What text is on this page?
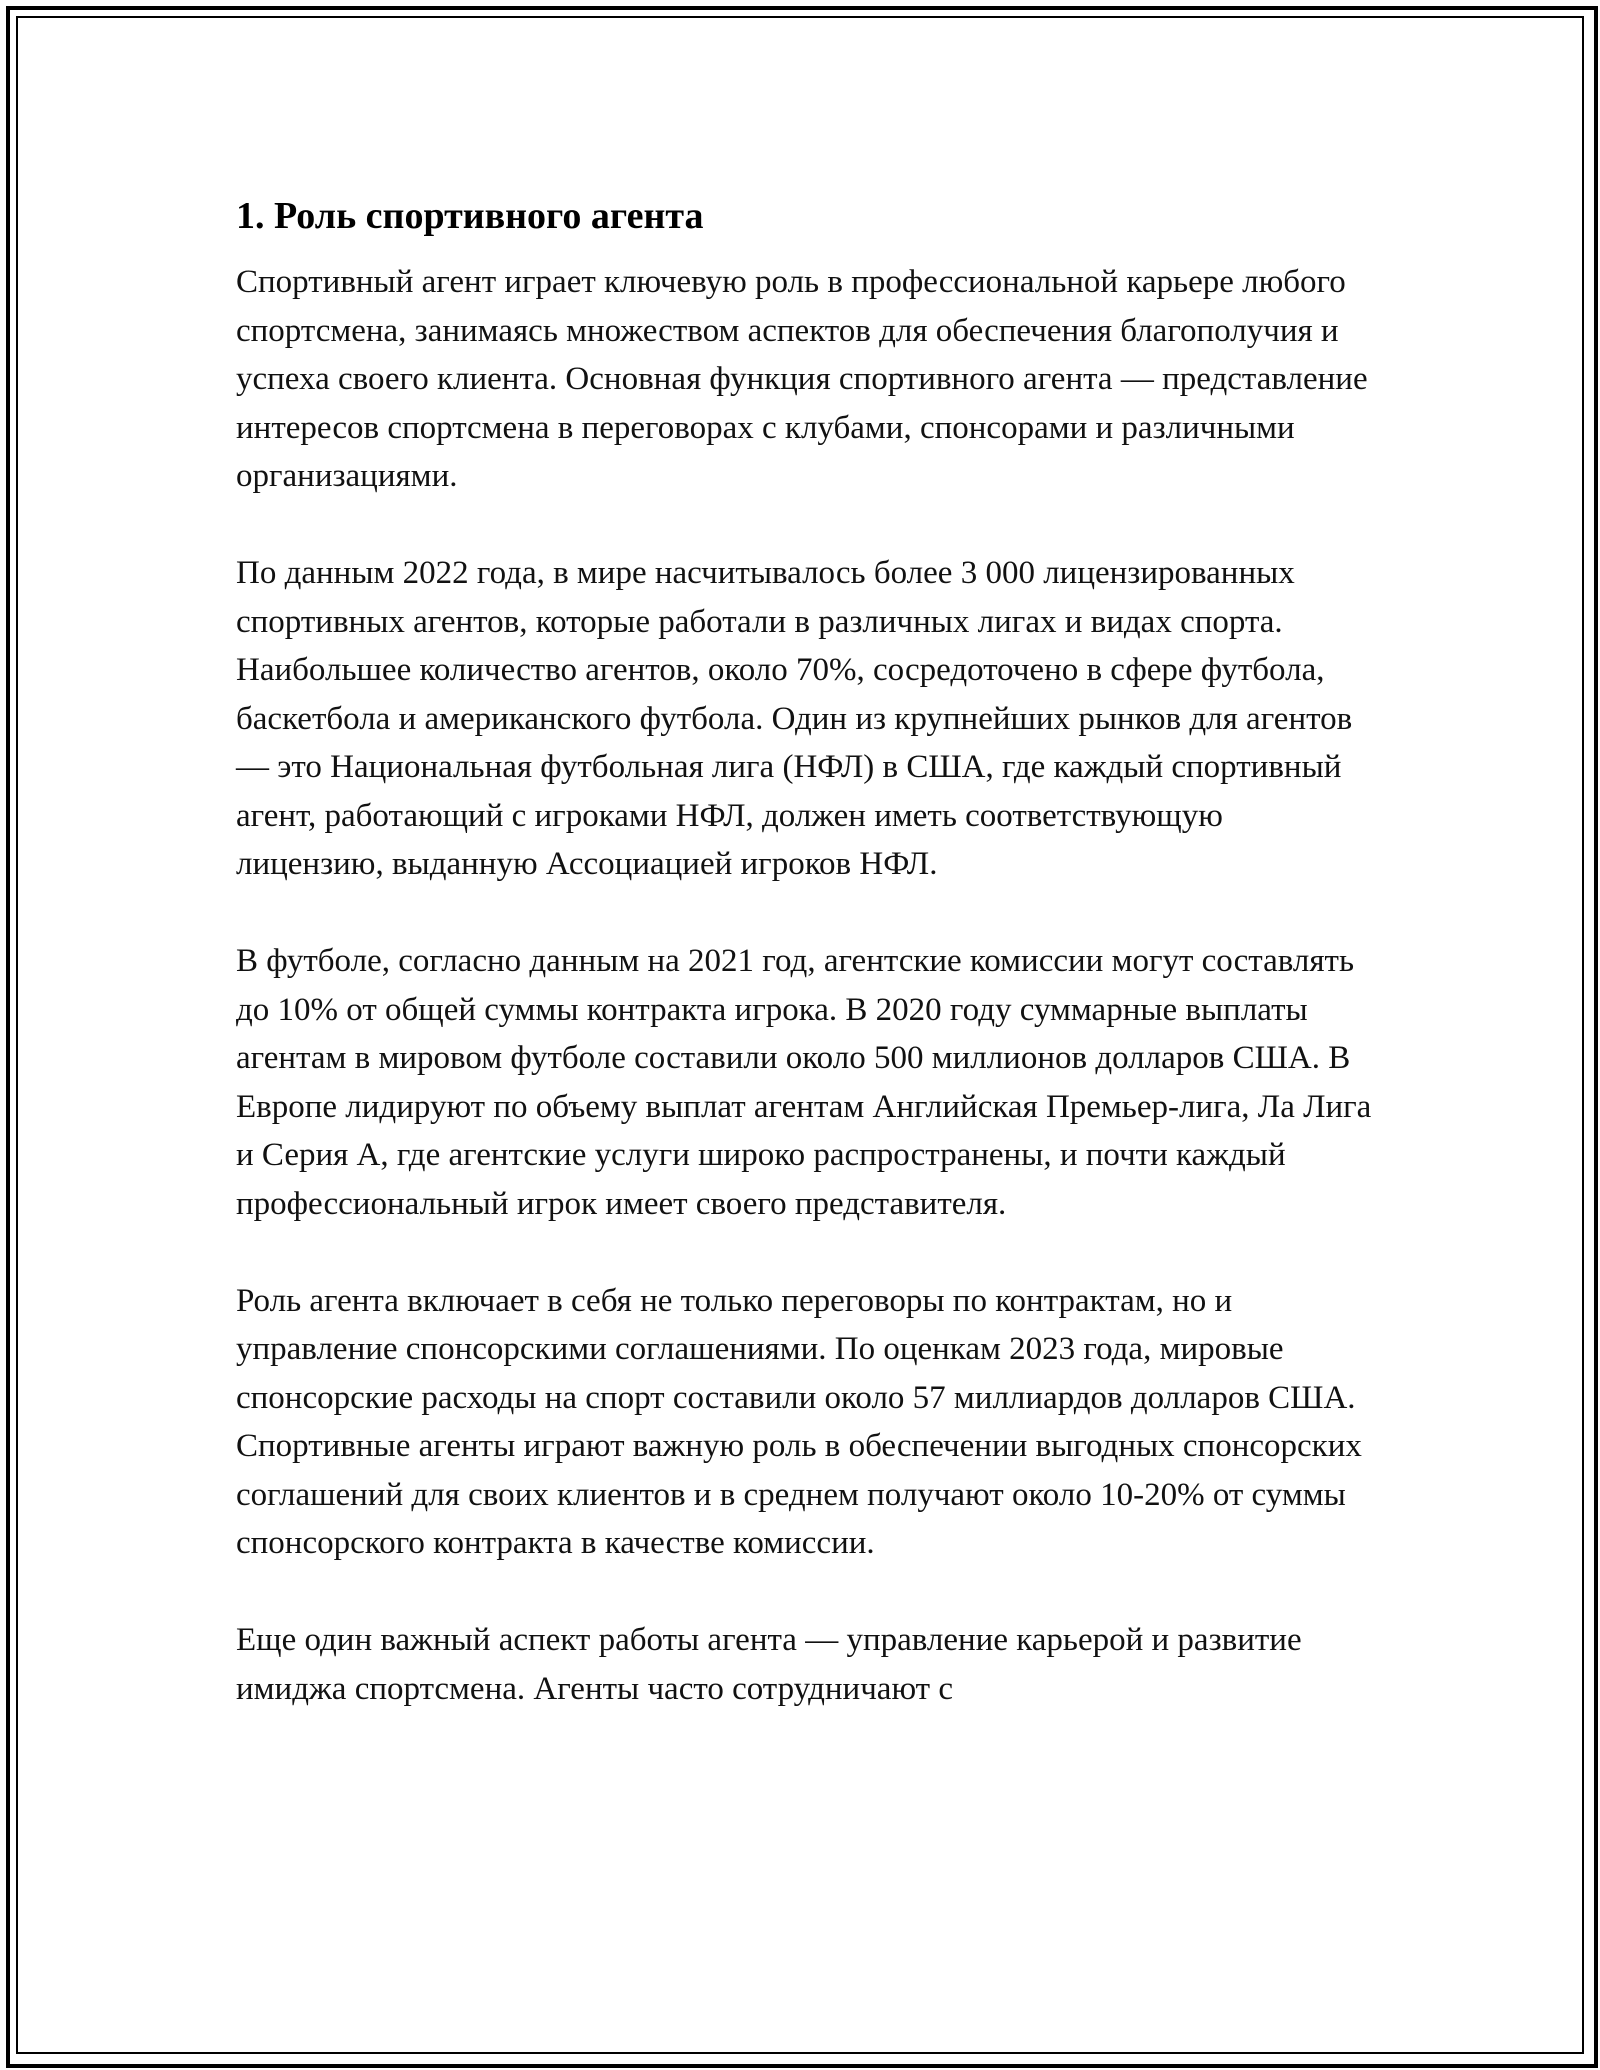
1. Роль спортивного агента

Спортивный агент играет ключевую роль в профессиональной карьере любого спортсмена, занимаясь множеством аспектов для обеспечения благополучия и успеха своего клиента. Основная функция спортивного агента — представление интересов спортсмена в переговорах с клубами, спонсорами и различными организациями.

По данным 2022 года, в мире насчитывалось более 3 000 лицензированных спортивных агентов, которые работали в различных лигах и видах спорта. Наибольшее количество агентов, около 70%, сосредоточено в сфере футбола, баскетбола и американского футбола. Один из крупнейших рынков для агентов — это Национальная футбольная лига (НФЛ) в США, где каждый спортивный агент, работающий с игроками НФЛ, должен иметь соответствующую лицензию, выданную Ассоциацией игроков НФЛ.

В футболе, согласно данным на 2021 год, агентские комиссии могут составлять до 10% от общей суммы контракта игрока. В 2020 году суммарные выплаты агентам в мировом футболе составили около 500 миллионов долларов США. В Европе лидируют по объему выплат агентам Английская Премьер-лига, Ла Лига и Серия А, где агентские услуги широко распространены, и почти каждый профессиональный игрок имеет своего представителя.

Роль агента включает в себя не только переговоры по контрактам, но и управление спонсорскими соглашениями. По оценкам 2023 года, мировые спонсорские расходы на спорт составили около 57 миллиардов долларов США. Спортивные агенты играют важную роль в обеспечении выгодных спонсорских соглашений для своих клиентов и в среднем получают около 10-20% от суммы спонсорского контракта в качестве комиссии.

Еще один важный аспект работы агента — управление карьерой и развитие имиджа спортсмена. Агенты часто сотрудничают с
